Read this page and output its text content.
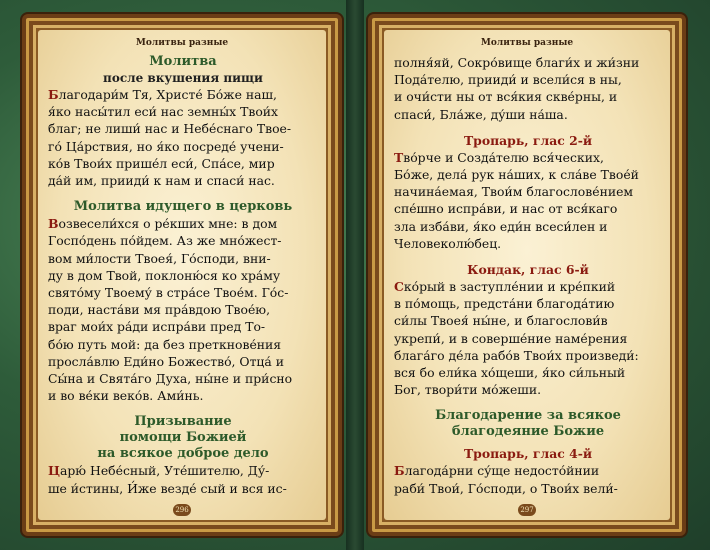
Молитвы разные
Молитва
после вкушения пищи
Благодари́м Тя, Христе́ Бо́же наш,
я́ко насы́тил еси́ нас земны́х Твои́х
благ; не лиши́ нас и Небе́снаго Твое-
го́ Ца́рствия, но я́ко посреде́ учени-
ко́в Твои́х прише́л еси́, Спа́се, мир
да́й им, прииди́ к нам и спаси́ нас.
Молитва идущего в церковь
Возвесели́хся о ре́кших мне: в дом
Госпо́день по́йдем. Аз же мно́жест-
вом ми́лости Твоея́, Го́споди, вни-
ду в дом Твой, поклоню́ся ко хра́му
свято́му Твоему́ в стра́се Твое́м. Го́с-
поди, наста́ви мя пра́вдою Твое́ю,
враг мои́х ра́ди испра́ви пред То-
бо́ю путь мой: да без преткнове́ния
просла́влю Еди́но Божество́, Отца́ и
Сы́на и Свята́го Духа, ны́не и при́сно
и во ве́ки веко́в. Ами́нь.
Призывание
помощи Божией
на всякое доброе дело
Царю́ Небе́сный, Уте́шителю, Ду́-
ше и́стины, И́же везде́ сый и вся ис-
296
Молитвы разные
полня́яй, Сокро́вище благи́х и жи́зни
Пода́телю, прииди́ и всели́ся в ны,
и очи́сти ны от вся́кия скве́рны, и
спаси́, Бла́же, ду́ши на́ша.
Тропарь, глас 2-й
Тво́рче и Созда́телю вся́ческих,
Бо́же, дела́ рук на́ших, к сла́ве Твое́й
начина́емая, Твои́м благослове́нием
спе́шно испра́ви, и нас от вся́каго
зла изба́ви, я́ко еди́н всеси́лен и
Человеколю́бец.
Кондак, глас 6-й
Ско́рый в заступле́нии и кре́пкий
в по́мощь, предста́ни благода́тию
си́лы Твоея́ ны́не, и благослови́в
укрепи́, и в соверше́ние наме́рения
блага́го де́ла рабо́в Твои́х произведи́:
вся бо ели́ка хо́щеши, я́ко си́льный
Бог, твори́ти мо́жеши.
Благодарение за всякое
благодеяние Божие
Тропарь, глас 4-й
Благода́рни су́ще недосто́йнии
раби́ Твои́, Го́споди, о Твои́х вели́-
297
